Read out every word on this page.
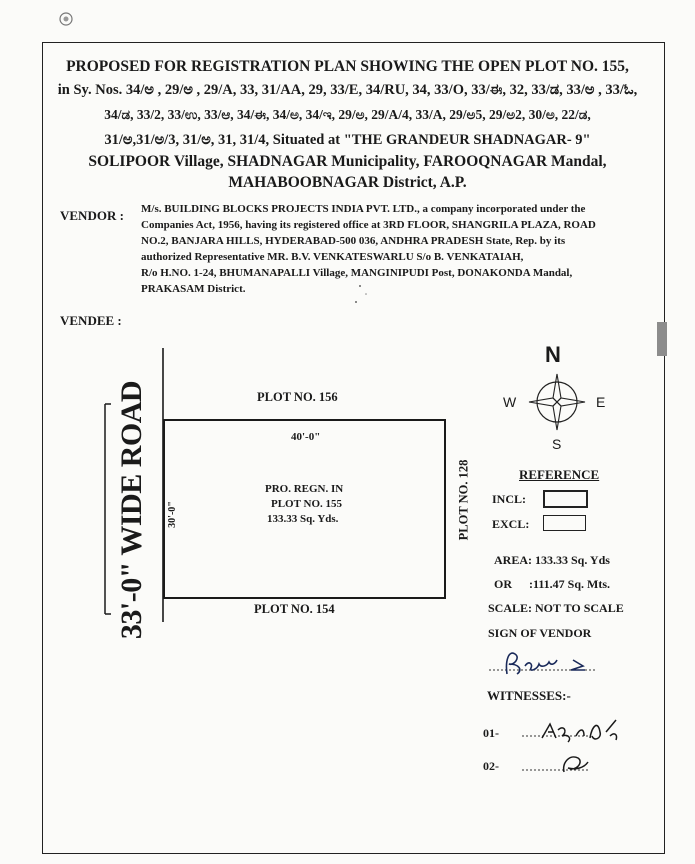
PROPOSED FOR REGISTRATION PLAN SHOWING THE OPEN PLOT NO. 155,
in Sy. Nos. 34/ಅ , 29/ಅ , 29/A, 33, 31/AA, 29, 33/E, 34/RU, 34, 33/O, 33/ಈ, 32, 33/ಡ, 33/ಅ , 33/ಓ,
34/ಡ, 33/2, 33/ಉ, 33/ಆ, 34/ಈ, 34/ಅ, 34/ಇ, 29/ಅ, 29/A/4, 33/A, 29/ಅ5, 29/ಅ2, 30/ಅ, 22/ಡ,
31/ಅ,31/ಅ/3, 31/ಅ, 31, 31/4, Situated at "THE GRANDEUR SHADNAGAR- 9"
SOLIPOOR Village, SHADNAGAR Municipality, FAROOQNAGAR Mandal,
MAHABOOBNAGAR District, A.P.
VENDOR : M/s. BUILDING BLOCKS PROJECTS INDIA PVT. LTD., a company incorporated under the
Companies Act, 1956, having its registered office at 3RD FLOOR, SHANGRILA PLAZA, ROAD
NO.2, BANJARA HILLS, HYDERABAD-500 036, ANDHRA PRADESH State, Rep. by its
authorized Representative MR. B.V. VENKATESWARLU S/o B. VENKATAIAH,
R/o H.NO. 1-24, BHUMANAPALLI Village, MANGINIPUDI Post, DONAKONDA Mandal,
PRAKASAM District.
VENDEE :
33'-0" WIDE ROAD	PLOT NO. 156
PLOT NO. 154
PLOT NO. 128
40'-0"
30'-0"
PRO. REGN. IN
PLOT NO. 155
133.33 Sq. Yds.
N
W	E
S
REFERENCE
INCL:
EXCL:
AREA: 133.33 Sq. Yds
OR :111.47 Sq. Mts.
SCALE: NOT TO SCALE
SIGN OF VENDOR
WITNESSES:-
01-
02-
